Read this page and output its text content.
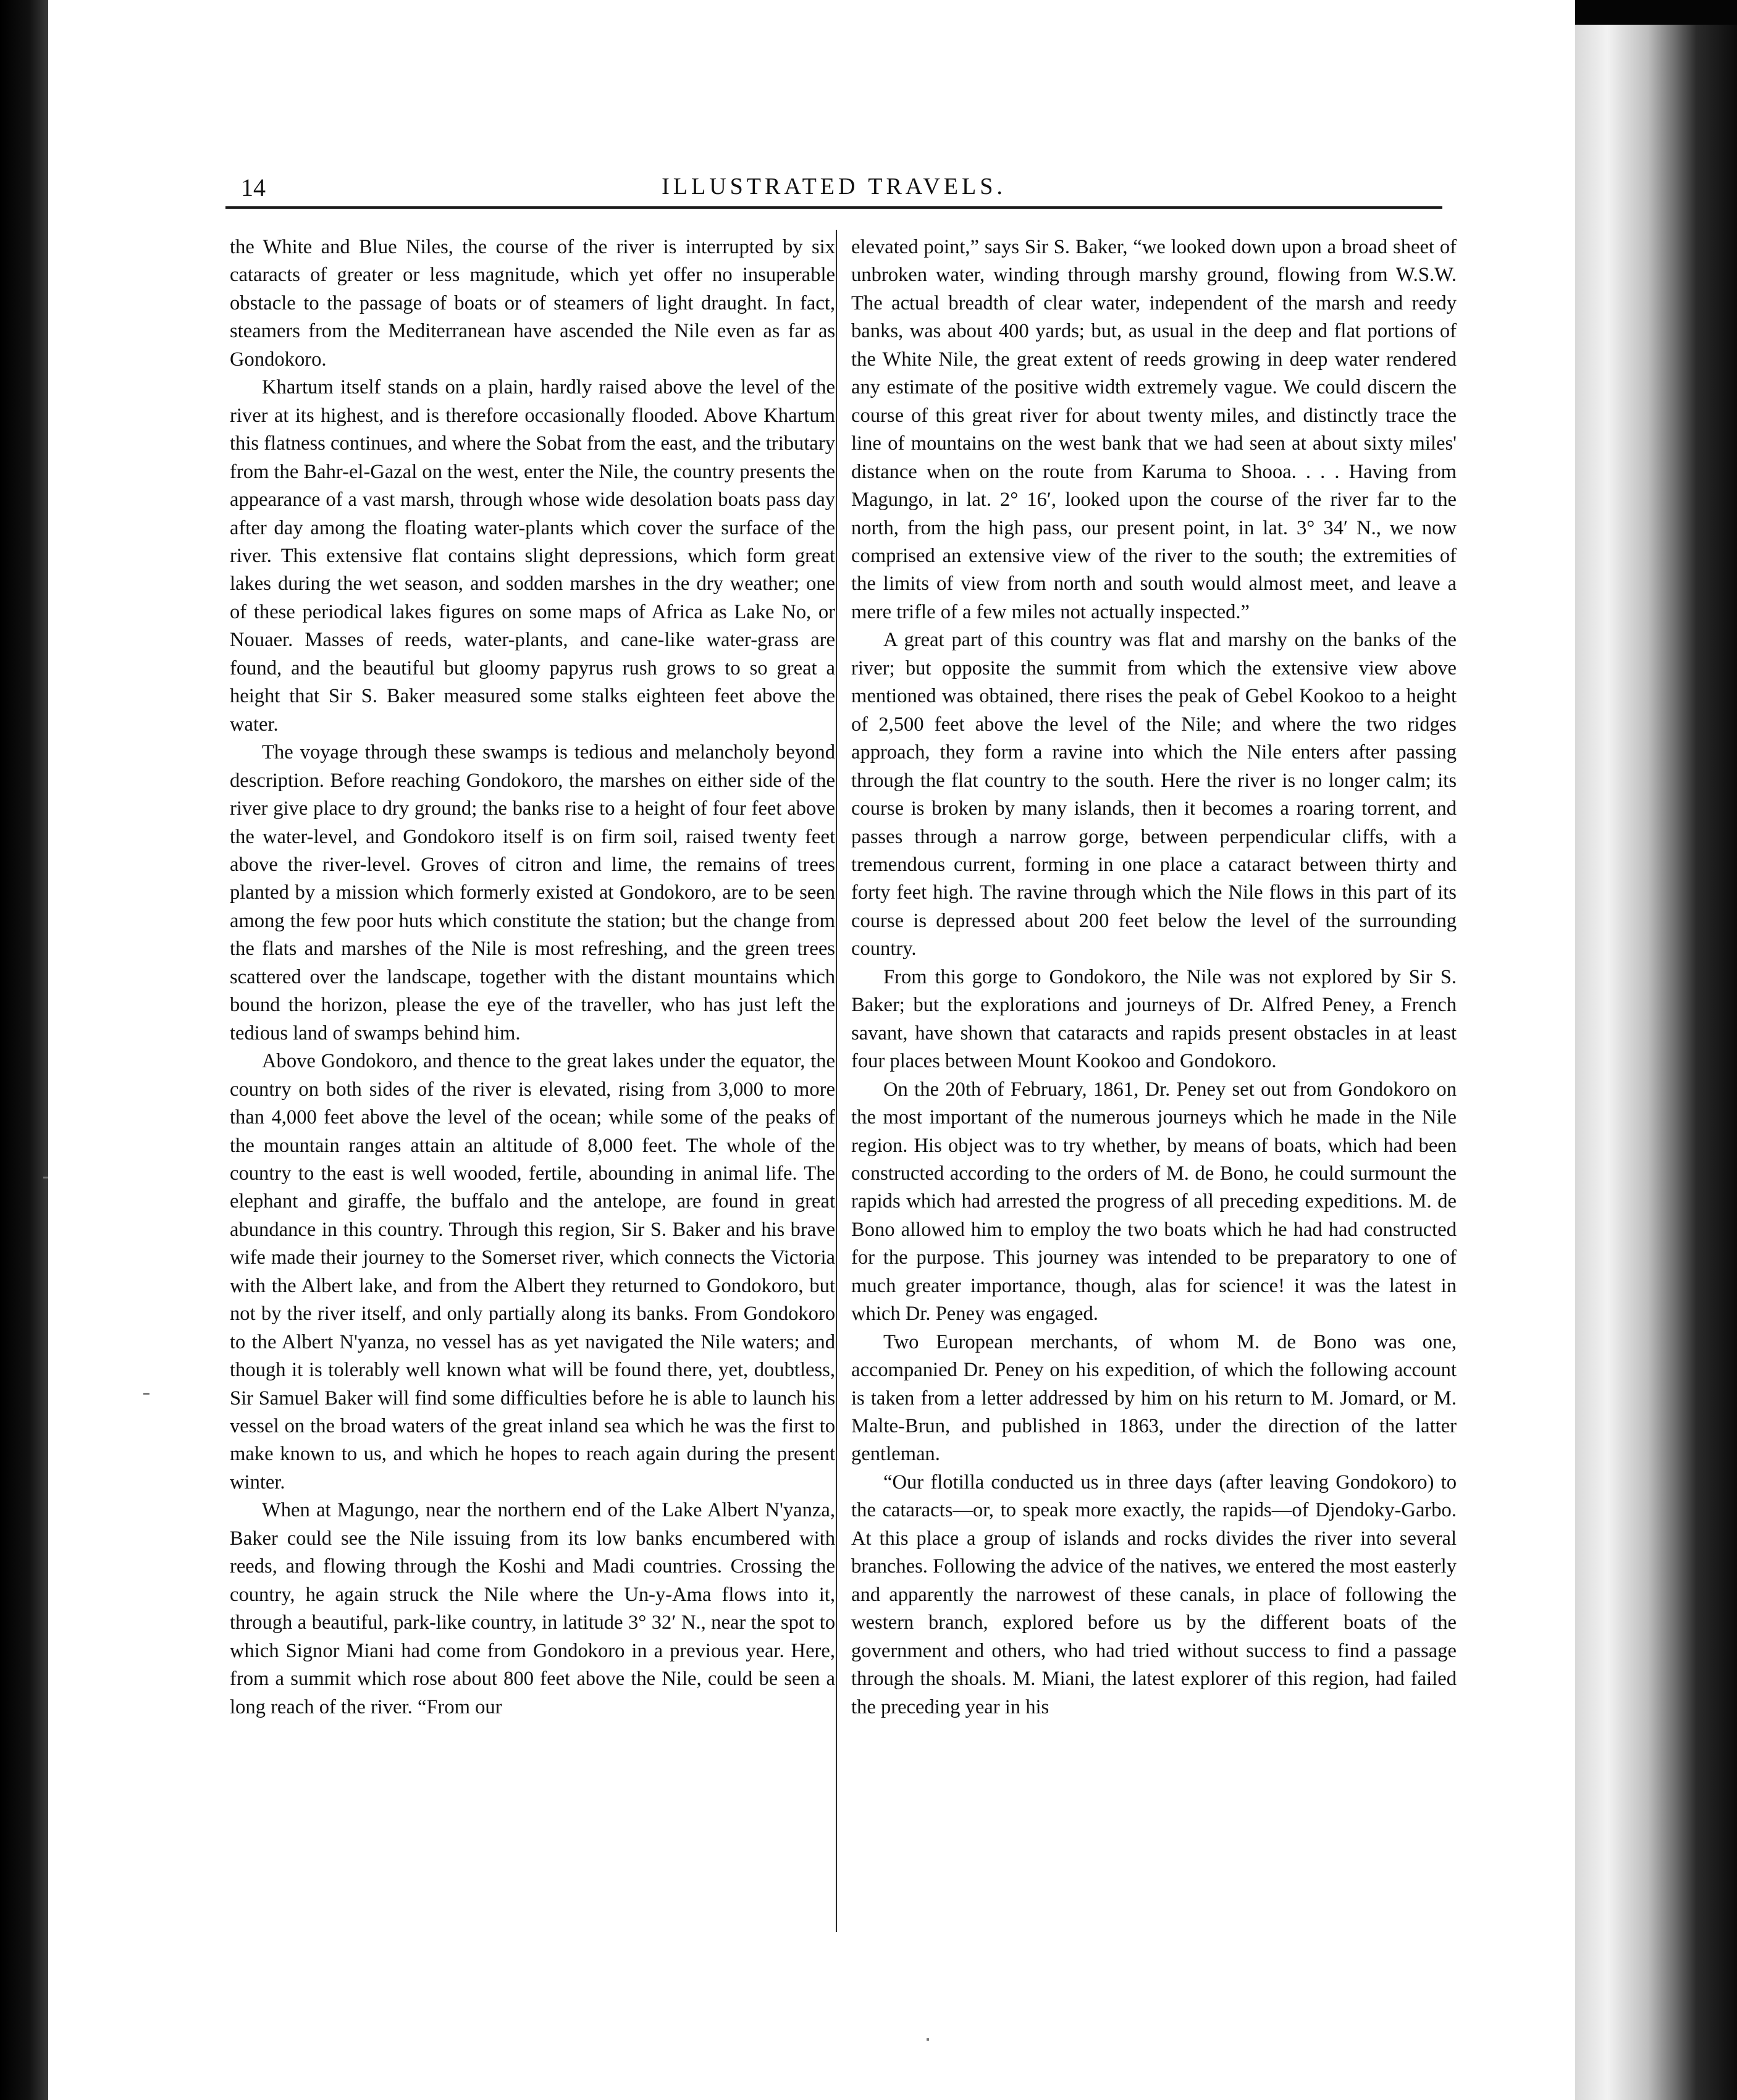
14	ILLUSTRATED TRAVELS.

the White and Blue Niles, the course of the river is interrupted by six cataracts of greater or less magnitude, which yet offer no insuperable obstacle to the passage of boats or of steamers of light draught. In fact, steamers from the Mediterranean have ascended the Nile even as far as Gondokoro.

Khartum itself stands on a plain, hardly raised above the level of the river at its highest, and is therefore occasionally flooded. Above Khartum this flatness continues, and where the Sobat from the east, and the tributary from the Bahr-el-Gazal on the west, enter the Nile, the country presents the appearance of a vast marsh, through whose wide desolation boats pass day after day among the floating water-plants which cover the surface of the river. This extensive flat contains slight depressions, which form great lakes during the wet season, and sodden marshes in the dry weather; one of these periodical lakes figures on some maps of Africa as Lake No, or Nouaer. Masses of reeds, water-plants, and cane-like water-grass are found, and the beautiful but gloomy papyrus rush grows to so great a height that Sir S. Baker measured some stalks eighteen feet above the water.

The voyage through these swamps is tedious and melancholy beyond description. Before reaching Gondokoro, the marshes on either side of the river give place to dry ground; the banks rise to a height of four feet above the water-level, and Gondokoro itself is on firm soil, raised twenty feet above the river-level. Groves of citron and lime, the remains of trees planted by a mission which formerly existed at Gondokoro, are to be seen among the few poor huts which constitute the station; but the change from the flats and marshes of the Nile is most refreshing, and the green trees scattered over the landscape, together with the distant mountains which bound the horizon, please the eye of the traveller, who has just left the tedious land of swamps behind him.

Above Gondokoro, and thence to the great lakes under the equator, the country on both sides of the river is elevated, rising from 3,000 to more than 4,000 feet above the level of the ocean; while some of the peaks of the mountain ranges attain an altitude of 8,000 feet. The whole of the country to the east is well wooded, fertile, abounding in animal life. The elephant and giraffe, the buffalo and the antelope, are found in great abundance in this country. Through this region, Sir S. Baker and his brave wife made their journey to the Somerset river, which connects the Victoria with the Albert lake, and from the Albert they returned to Gondokoro, but not by the river itself, and only partially along its banks. From Gondokoro to the Albert N'yanza, no vessel has as yet navigated the Nile waters; and though it is tolerably well known what will be found there, yet, doubtless, Sir Samuel Baker will find some difficulties before he is able to launch his vessel on the broad waters of the great inland sea which he was the first to make known to us, and which he hopes to reach again during the present winter.

When at Magungo, near the northern end of the Lake Albert N'yanza, Baker could see the Nile issuing from its low banks encumbered with reeds, and flowing through the Koshi and Madi countries. Crossing the country, he again struck the Nile where the Un-y-Ama flows into it, through a beautiful, park-like country, in latitude 3° 32′ N., near the spot to which Signor Miani had come from Gondokoro in a previous year. Here, from a summit which rose about 800 feet above the Nile, could be seen a long reach of the river. “From our

elevated point,” says Sir S. Baker, “we looked down upon a broad sheet of unbroken water, winding through marshy ground, flowing from W.S.W. The actual breadth of clear water, independent of the marsh and reedy banks, was about 400 yards; but, as usual in the deep and flat portions of the White Nile, the great extent of reeds growing in deep water rendered any estimate of the positive width extremely vague. We could discern the course of this great river for about twenty miles, and distinctly trace the line of mountains on the west bank that we had seen at about sixty miles' distance when on the route from Karuma to Shooa. . . . Having from Magungo, in lat. 2° 16′, looked upon the course of the river far to the north, from the high pass, our present point, in lat. 3° 34′ N., we now comprised an extensive view of the river to the south; the extremities of the limits of view from north and south would almost meet, and leave a mere trifle of a few miles not actually inspected.”

A great part of this country was flat and marshy on the banks of the river; but opposite the summit from which the extensive view above mentioned was obtained, there rises the peak of Gebel Kookoo to a height of 2,500 feet above the level of the Nile; and where the two ridges approach, they form a ravine into which the Nile enters after passing through the flat country to the south. Here the river is no longer calm; its course is broken by many islands, then it becomes a roaring torrent, and passes through a narrow gorge, between perpendicular cliffs, with a tremendous current, forming in one place a cataract between thirty and forty feet high. The ravine through which the Nile flows in this part of its course is depressed about 200 feet below the level of the surrounding country.

From this gorge to Gondokoro, the Nile was not explored by Sir S. Baker; but the explorations and journeys of Dr. Alfred Peney, a French savant, have shown that cataracts and rapids present obstacles in at least four places between Mount Kookoo and Gondokoro.

On the 20th of February, 1861, Dr. Peney set out from Gondokoro on the most important of the numerous journeys which he made in the Nile region. His object was to try whether, by means of boats, which had been constructed according to the orders of M. de Bono, he could surmount the rapids which had arrested the progress of all preceding expeditions. M. de Bono allowed him to employ the two boats which he had had constructed for the purpose. This journey was intended to be preparatory to one of much greater importance, though, alas for science! it was the latest in which Dr. Peney was engaged.

Two European merchants, of whom M. de Bono was one, accompanied Dr. Peney on his expedition, of which the following account is taken from a letter addressed by him on his return to M. Jomard, or M. Malte-Brun, and published in 1863, under the direction of the latter gentleman.

“Our flotilla conducted us in three days (after leaving Gondokoro) to the cataracts—or, to speak more exactly, the rapids—of Djendoky-Garbo. At this place a group of islands and rocks divides the river into several branches. Following the advice of the natives, we entered the most easterly and apparently the narrowest of these canals, in place of following the western branch, explored before us by the different boats of the government and others, who had tried without success to find a passage through the shoals. M. Miani, the latest explorer of this region, had failed the preceding year in his
